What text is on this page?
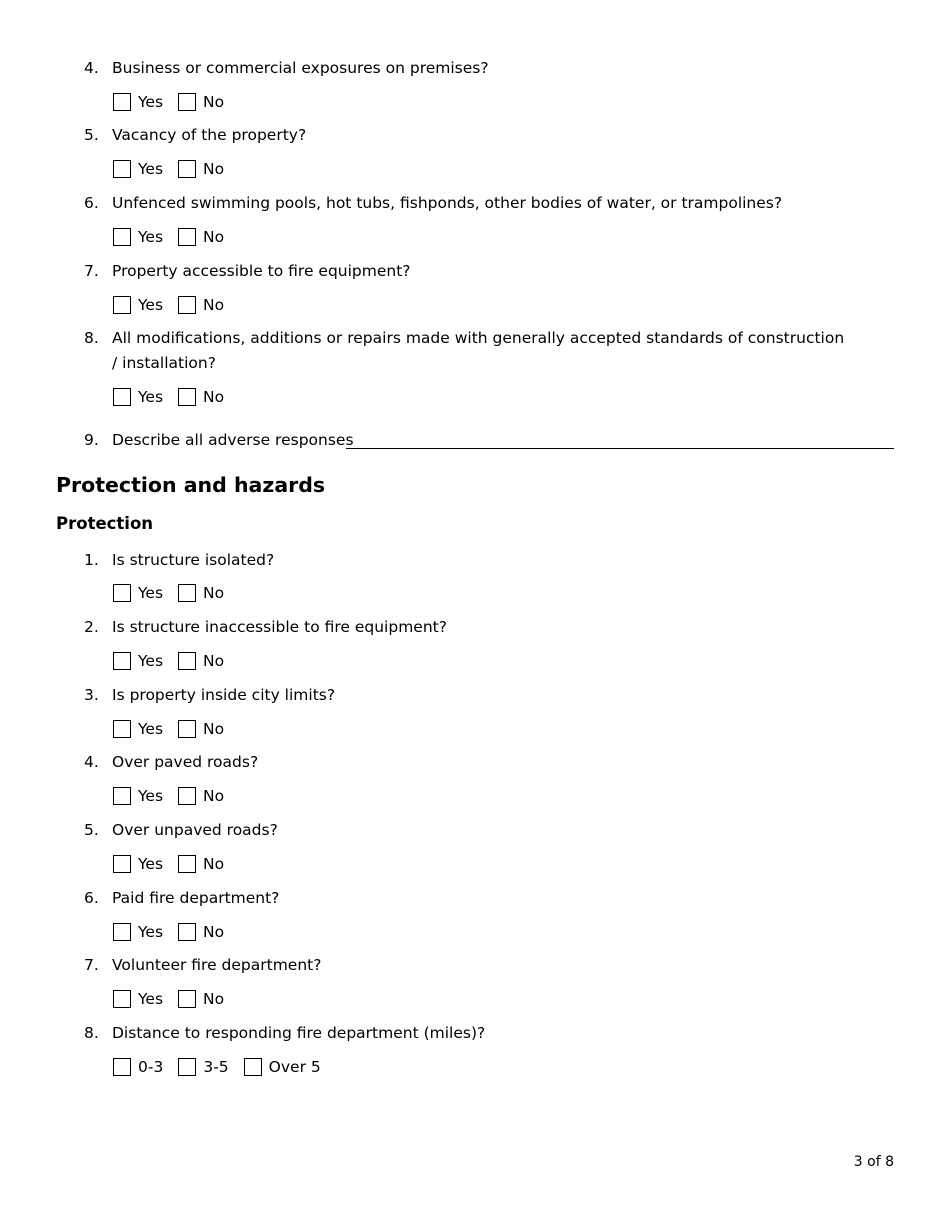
4. Business or commercial exposures on premises?
Yes	No
5. Vacancy of the property?
Yes	No
6. Unfenced swimming pools, hot tubs, fishponds, other bodies of water, or trampolines?
Yes	No
7. Property accessible to fire equipment?
Yes	No
8. All modifications, additions or repairs made with generally accepted standards of construction / installation?
Yes	No
9. Describe all adverse responses
Protection and hazards
Protection
1. Is structure isolated?
Yes	No
2. Is structure inaccessible to fire equipment?
Yes	No
3. Is property inside city limits?
Yes	No
4. Over paved roads?
Yes	No
5. Over unpaved roads?
Yes	No
6. Paid fire department?
Yes	No
7. Volunteer fire department?
Yes	No
8. Distance to responding fire department (miles)?
0-3	3-5	Over 5
3 of 8
